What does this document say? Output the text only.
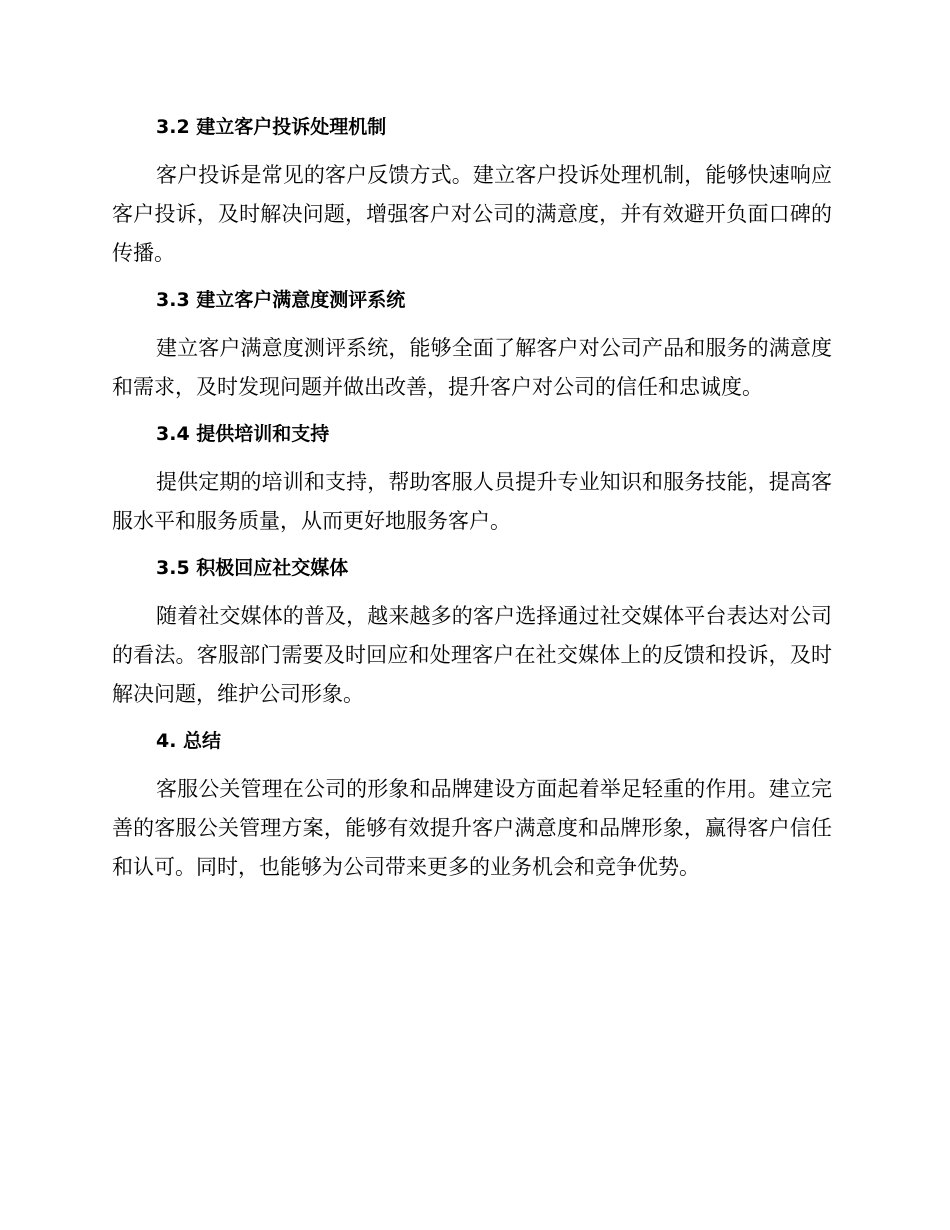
3.2 建立客户投诉处理机制

客户投诉是常见的客户反馈方式。建立客户投诉处理机制，能够快速响应客户投诉，及时解决问题，增强客户对公司的满意度，并有效避开负面口碑的传播。

3.3 建立客户满意度测评系统

建立客户满意度测评系统，能够全面了解客户对公司产品和服务的满意度和需求，及时发现问题并做出改善，提升客户对公司的信任和忠诚度。

3.4 提供培训和支持

提供定期的培训和支持，帮助客服人员提升专业知识和服务技能，提高客服水平和服务质量，从而更好地服务客户。

3.5 积极回应社交媒体

随着社交媒体的普及，越来越多的客户选择通过社交媒体平台表达对公司的看法。客服部门需要及时回应和处理客户在社交媒体上的反馈和投诉，及时解决问题，维护公司形象。

4. 总结

客服公关管理在公司的形象和品牌建设方面起着举足轻重的作用。建立完善的客服公关管理方案，能够有效提升客户满意度和品牌形象，赢得客户信任和认可。同时，也能够为公司带来更多的业务机会和竞争优势。
